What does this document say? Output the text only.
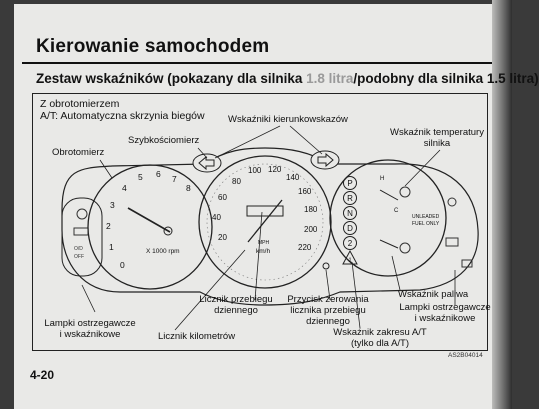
Kierowanie samochodem
Zestaw wskaźników (pokazany dla silnika 1.8 litra/podobny dla silnika 1.5 litra)
Z obrotomierzem
A/T: Automatyczna skrzynia biegów
O/D
OFF
0
1
2
3
4
5 6 7
8
X 1000 rpm
20
40
60
80
100 120
140
160
180
200
220
MPH
km/h
P
R
N
D
2
1
UNLEADED
FUEL ONLY
H
C
Obrotomierz
Szybkościomierz
Wskaźniki kierunkowskazów
Wskaźnik temperatury
silnika
Licznik przebiegu
dziennego
Przycisk zerowania
licznika przebiegu
dziennego
Wskaźnik paliwa
Lampki ostrzegawcze
i wskaźnikowe
Lampki ostrzegawcze
i wskaźnikowe	Licznik kilometrów	Wskaźnik zakresu A/T
(tylko dla A/T)
AS2B04014
4-20
